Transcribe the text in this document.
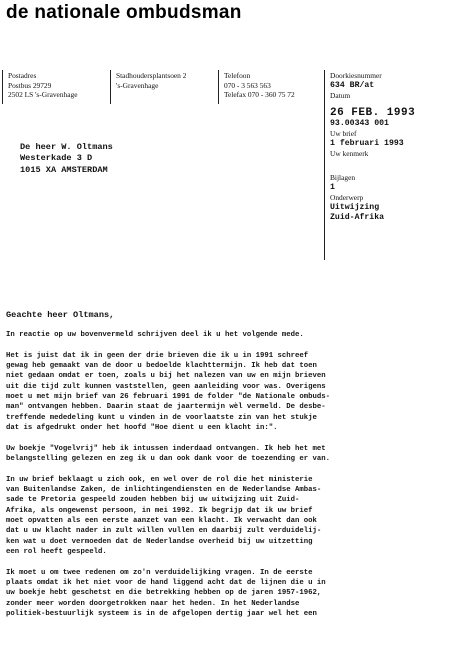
de nationale ombudsman
Postadres
Postbus 29729
2502 LS 's-Gravenhage
Stadhoudersplantsoen 2
's-Gravenhage
Telefoon
070 - 3 563 563
Telefax 070 - 360 75 72
De heer W. Oltmans
Westerkade 3 D
1015 XA AMSTERDAM
Doorkiesnummer
634 BR/at
Datum
26 FEB. 1993
93.00343 001
Uw brief
1 februari 1993
Uw kenmerk
Bijlagen
1
Onderwerp
Uitwijzing
Zuid-Afrika
Geachte heer Oltmans,
In reactie op uw bovenvermeld schrijven deel ik u het volgende mede.
Het is juist dat ik in geen der drie brieven die ik u in 1991 schreef
gewag heb gemaakt van de door u bedoelde klachttermijn. Ik heb dat toen
niet gedaan omdat er toen, zoals u bij het nalezen van uw en mijn brieven
uit die tijd zult kunnen vaststellen, geen aanleiding voor was. Overigens
moet u met mijn brief van 26 februari 1991 de folder "de Nationale ombuds-
man" ontvangen hebben. Daarin staat de jaartermijn wèl vermeld. De desbe-
treffende mededeling kunt u vinden in de voorlaatste zin van het stukje
dat is afgedrukt onder het hoofd "Hoe dient u een klacht in:".
Uw boekje "Vogelvrij" heb ik intussen inderdaad ontvangen. Ik heb het met
belangstelling gelezen en zeg ik u dan ook dank voor de toezending er van.
In uw brief beklaagt u zich ook, en wel over de rol die het ministerie
van Buitenlandse Zaken, de inlichtingendiensten en de Nederlandse Ambas-
sade te Pretoria gespeeld zouden hebben bij uw uitwijzing uit Zuid-
Afrika, als ongewenst persoon, in mei 1992. Ik begrijp dat ik uw brief
moet opvatten als een eerste aanzet van een klacht. Ik verwacht dan ook
dat u uw klacht nader in zult willen vullen en daarbij zult verduidelij-
ken wat u doet vermoeden dat de Nederlandse overheid bij uw uitzetting
een rol heeft gespeeld.
Ik moet u om twee redenen om zo'n verduidelijking vragen. In de eerste
plaats omdat ik het niet voor de hand liggend acht dat de lijnen die u in
uw boekje hebt geschetst en die betrekking hebben op de jaren 1957-1962,
zonder meer worden doorgetrokken naar het heden. In het Nederlandse
politiek-bestuurlijk systeem is in de afgelopen dertig jaar wel het een
